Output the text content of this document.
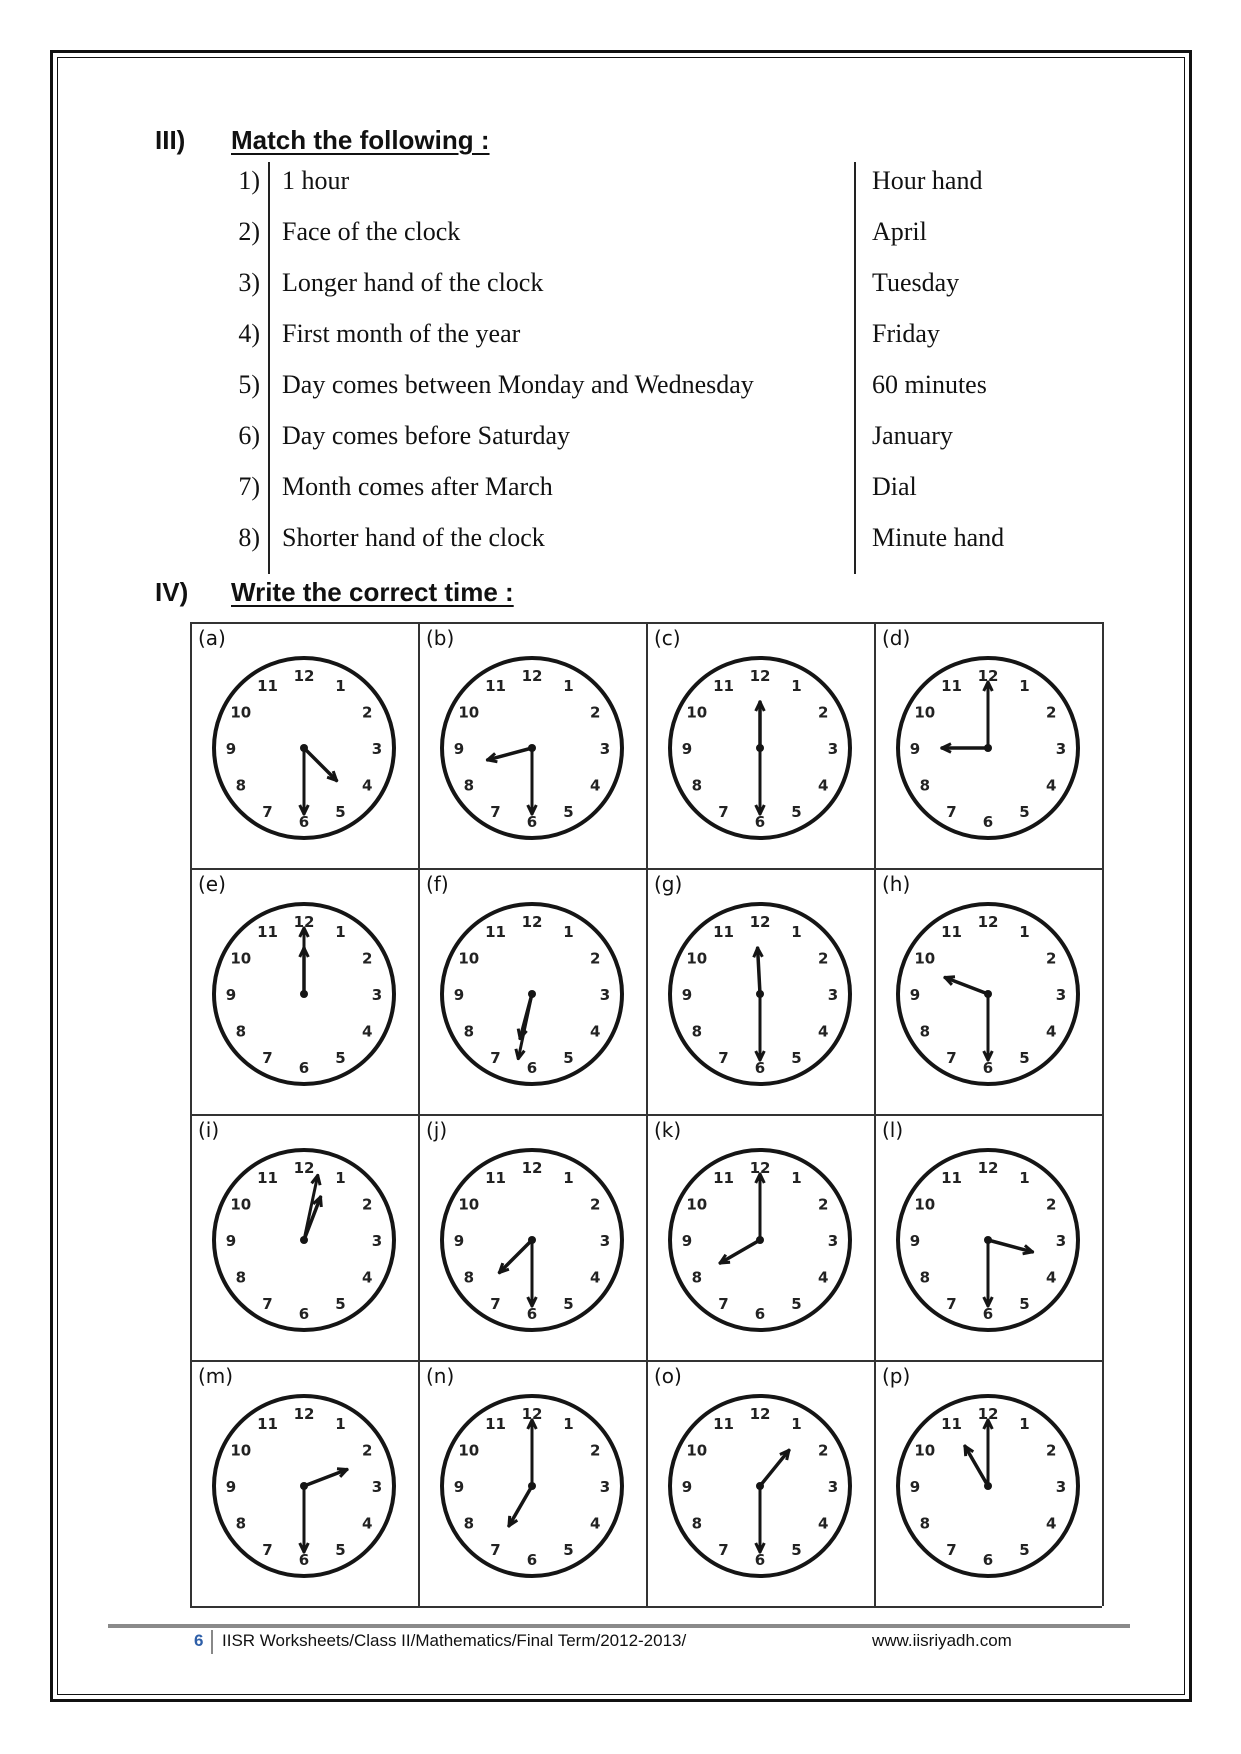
III) Match the following :
1) 1 hour	Hour hand
2) Face of the clock	April
3) Longer hand of the clock	Tuesday
4) First month of the year	Friday
5) Day comes between Monday and Wednesday	60 minutes
6) Day comes before Saturday	January
7) Month comes after March	Dial
8) Shorter hand of the clock	Minute hand
IV) Write the correct time :
(a)
12
1
2
3
4
5
6
7
8
9
10
11
(b)
12
1
2
3
4
5
6
7
8
9
10
11
(c)
12
1
2
3
4
5
6
7
8
9
10
11
(d)
12
1
2
3
4
5
6
7
8
9
10
11
(e)
12
1
2
3
4
5
6
7
8
9
10
11
(f)
12
1
2
3
4
5
6
7
8
9
10
11
(g)
12
1
2
3
4
5
6
7
8
9
10
11
(h)
12
1
2
3
4
5
6
7
8
9
10
11
(i)
12
1
2
3
4
5
6
7
8
9
10
11
(j)
12
1
2
3
4
5
6
7
8
9
10
11
(k)
12
1
2
3
4
5
6
7
8
9
10
11
(l)
12
1
2
3
4
5
6
7
8
9
10
11
(m)
12
1
2
3
4
5
6
7
8
9
10
11
(n)
12
1
2
3
4
5
6
7
8
9
10
11
(o)
12
1
2
3
4
5
6
7
8
9
10
11
(p)
12
1
2
3
4
5
6
7
8
9
10
11
6 IISR Worksheets/Class II/Mathematics/Final Term/2012-2013/	www.iisriyadh.com
